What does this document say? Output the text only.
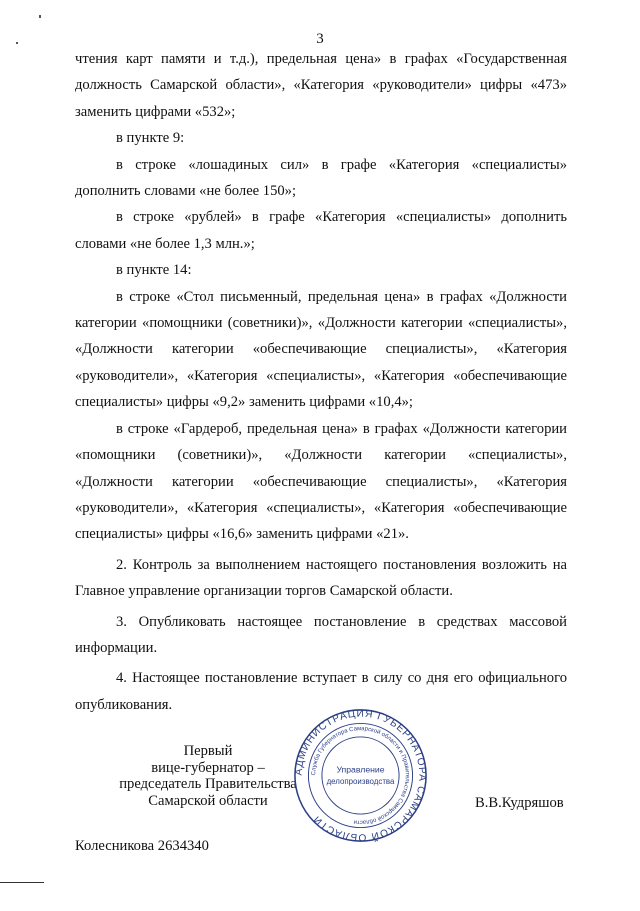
3

чтения карт памяти и т.д.), предельная цена» в графах «Государственная должность Самарской области», «Категория «руководители» цифры «473» заменить цифрами «532»;

в пункте 9:

в строке «лошадиных сил» в графе «Категория «специалисты» дополнить словами «не более 150»;

в строке «рублей» в графе «Категория «специалисты» дополнить словами «не более 1,3 млн.»;

в пункте 14:

в строке «Стол письменный, предельная цена» в графах «Должности категории «помощники (советники)», «Должности категории «специалисты», «Должности категории «обеспечивающие специалисты», «Категория «руководители», «Категория «специалисты», «Категория «обеспечивающие специалисты» цифры «9,2» заменить цифрами «10,4»;

в строке «Гардероб, предельная цена» в графах «Должности категории «помощники (советники)», «Должности категории «специалисты», «Должности категории «обеспечивающие специалисты», «Категория «руководители», «Категория «специалисты», «Категория «обеспечивающие специалисты» цифры «16,6» заменить цифрами «21».

2. Контроль за выполнением настоящего постановления возложить на Главное управление организации торгов Самарской области.

3. Опубликовать настоящее постановление в средствах массовой информации.

4. Настоящее постановление вступает в силу со дня его официального опубликования.

Первый
вице-губернатор –
председатель Правительства
Самарской области
АДМИНИСТРАЦИЯ ГУБЕРНАТОРА САМАРСКОЙ ОБЛАСТИ
Служба Губернатора Самарской области и Правительства Самарской области
Управление
делопроизводства
В.В.Кудряшов
Колесникова 2634340
